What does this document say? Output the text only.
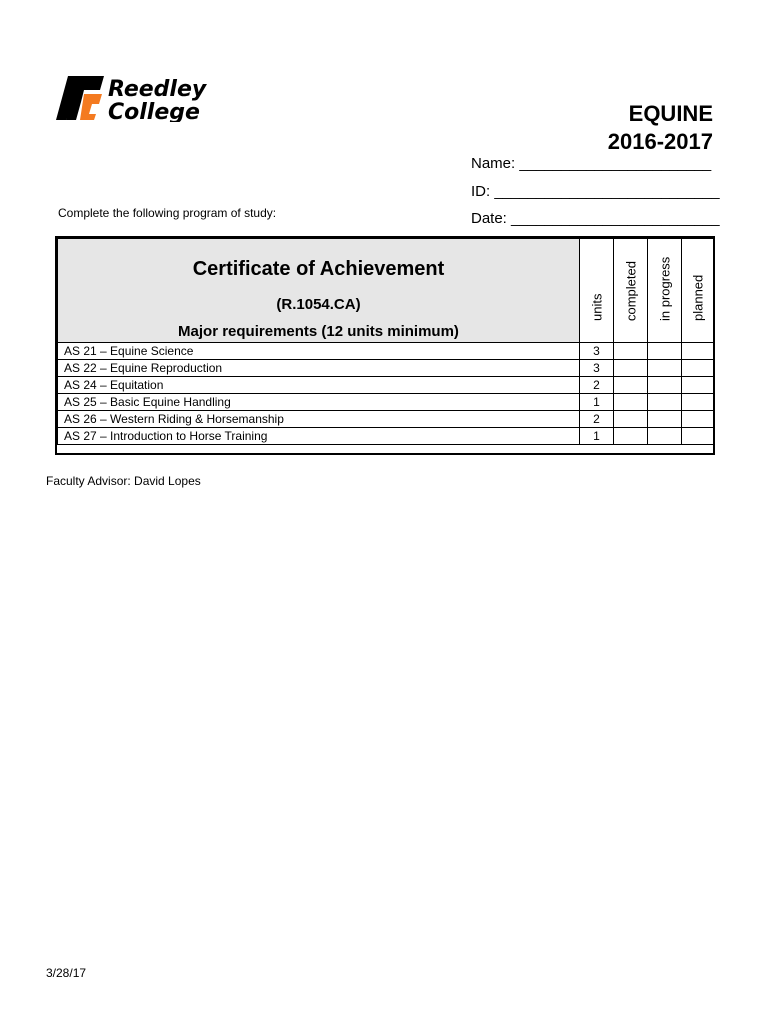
Reedley
College	EQUINE
2016-2017
Name: _______________________
ID: ___________________________
Date: _________________________
Complete the following program of study:
Certificate of Achievement
(R.1054.CA)
Major requirements (12 units minimum)	units	completed	in progress	planned

AS 21 – Equine Science	3			
AS 22 – Equine Reproduction	3			
AS 24 – Equitation	2			
AS 25 – Basic Equine Handling	1			
AS 26 – Western Riding & Horsemanship	2			
AS 27 – Introduction to Horse Training	1			
Faculty Advisor: David Lopes
3/28/17
